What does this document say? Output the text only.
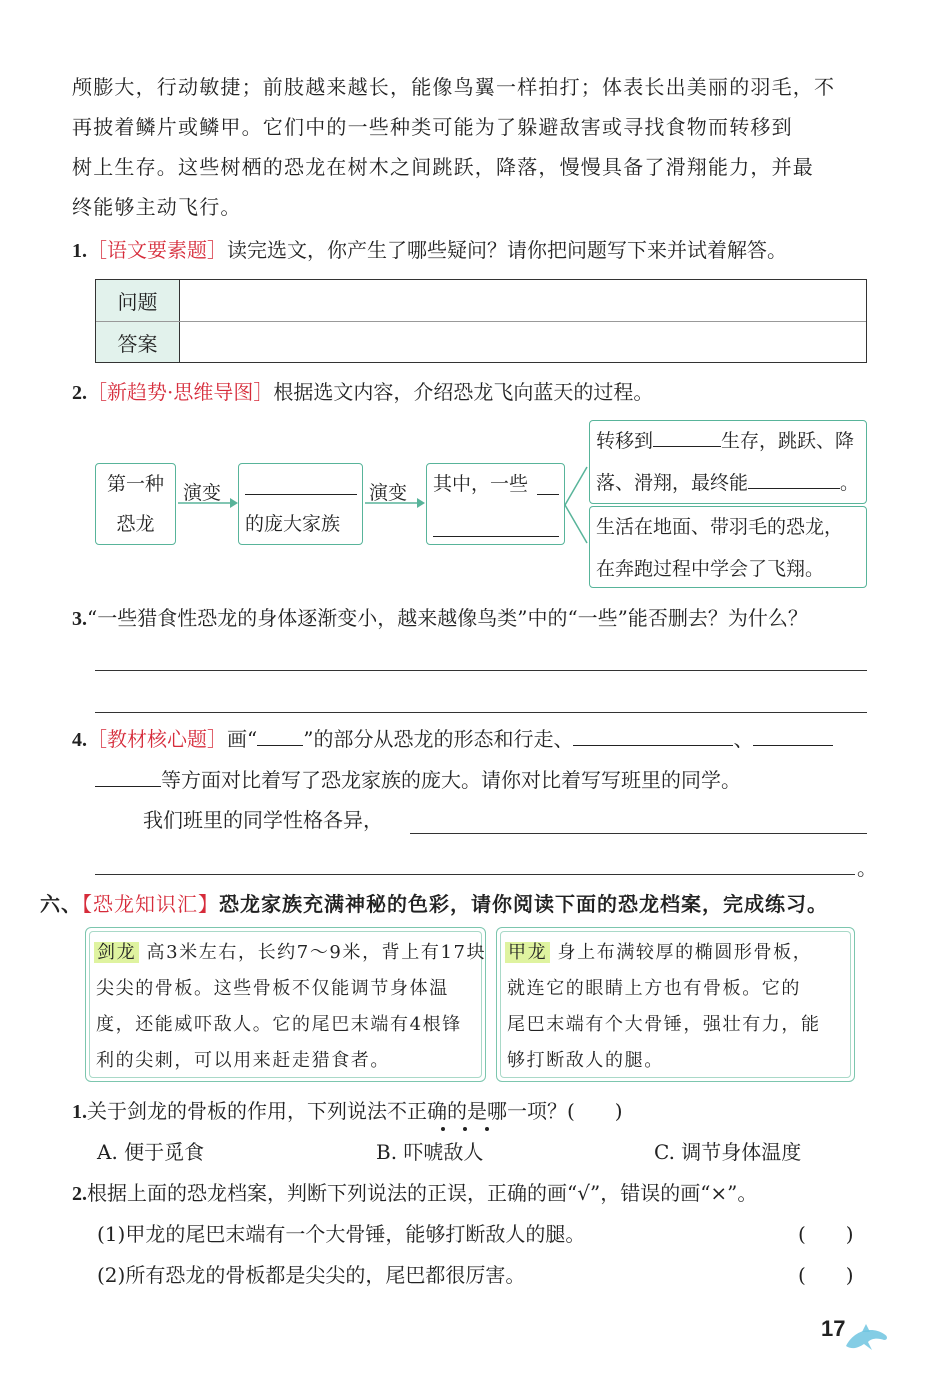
颅膨大，行动敏捷；前肢越来越长，能像鸟翼一样拍打；体表长出美丽的羽毛，不
再披着鳞片或鳞甲。它们中的一些种类可能为了躲避敌害或寻找食物而转移到
树上生存。这些树栖的恐龙在树木之间跳跃，降落，慢慢具备了滑翔能力，并最
终能够主动飞行。
1.［语文要素题］读完选文，你产生了哪些疑问？请你把问题写下来并试着解答。
问题
答案
2.［新趋势·思维导图］根据选文内容，介绍恐龙飞向蓝天的过程。
第一种
恐龙
演变
的庞大家族
演变 其中，一些
转移到	生存，跳跃、降
落、滑翔，最终能	。
生活在地面、带羽毛的恐龙，
在奔跑过程中学会了飞翔。
3.“一些猎食性恐龙的身体逐渐变小，越来越像鸟类”中的“一些”能否删去？为什么？
4.［教材核心题］画“ ”的部分从恐龙的形态和行走、	、
等方面对比着写了恐龙家族的庞大。请你对比着写写班里的同学。
我们班里的同学性格各异，
。
六、【恐龙知识汇】恐龙家族充满神秘的色彩，请你阅读下面的恐龙档案，完成练习。
剑龙 高3米左右，长约7～9米，背上有17块
尖尖的骨板。这些骨板不仅能调节身体温
度，还能威吓敌人。它的尾巴末端有4根锋
利的尖刺，可以用来赶走猎食者。
甲龙 身上布满较厚的椭圆形骨板，
就连它的眼睛上方也有骨板。它的
尾巴末端有个大骨锤，强壮有力，能
够打断敌人的腿。
1.关于剑龙的骨板的作用，下列说法不正确的是哪一项？(　　)
A. 便于觅食	B. 吓唬敌人	C. 调节身体温度
2.根据上面的恐龙档案，判断下列说法的正误，正确的画“√”，错误的画“×”。
(1)甲龙的尾巴末端有一个大骨锤，能够打断敌人的腿。	(　　)
(2)所有恐龙的骨板都是尖尖的，尾巴都很厉害。	(　　)
17
